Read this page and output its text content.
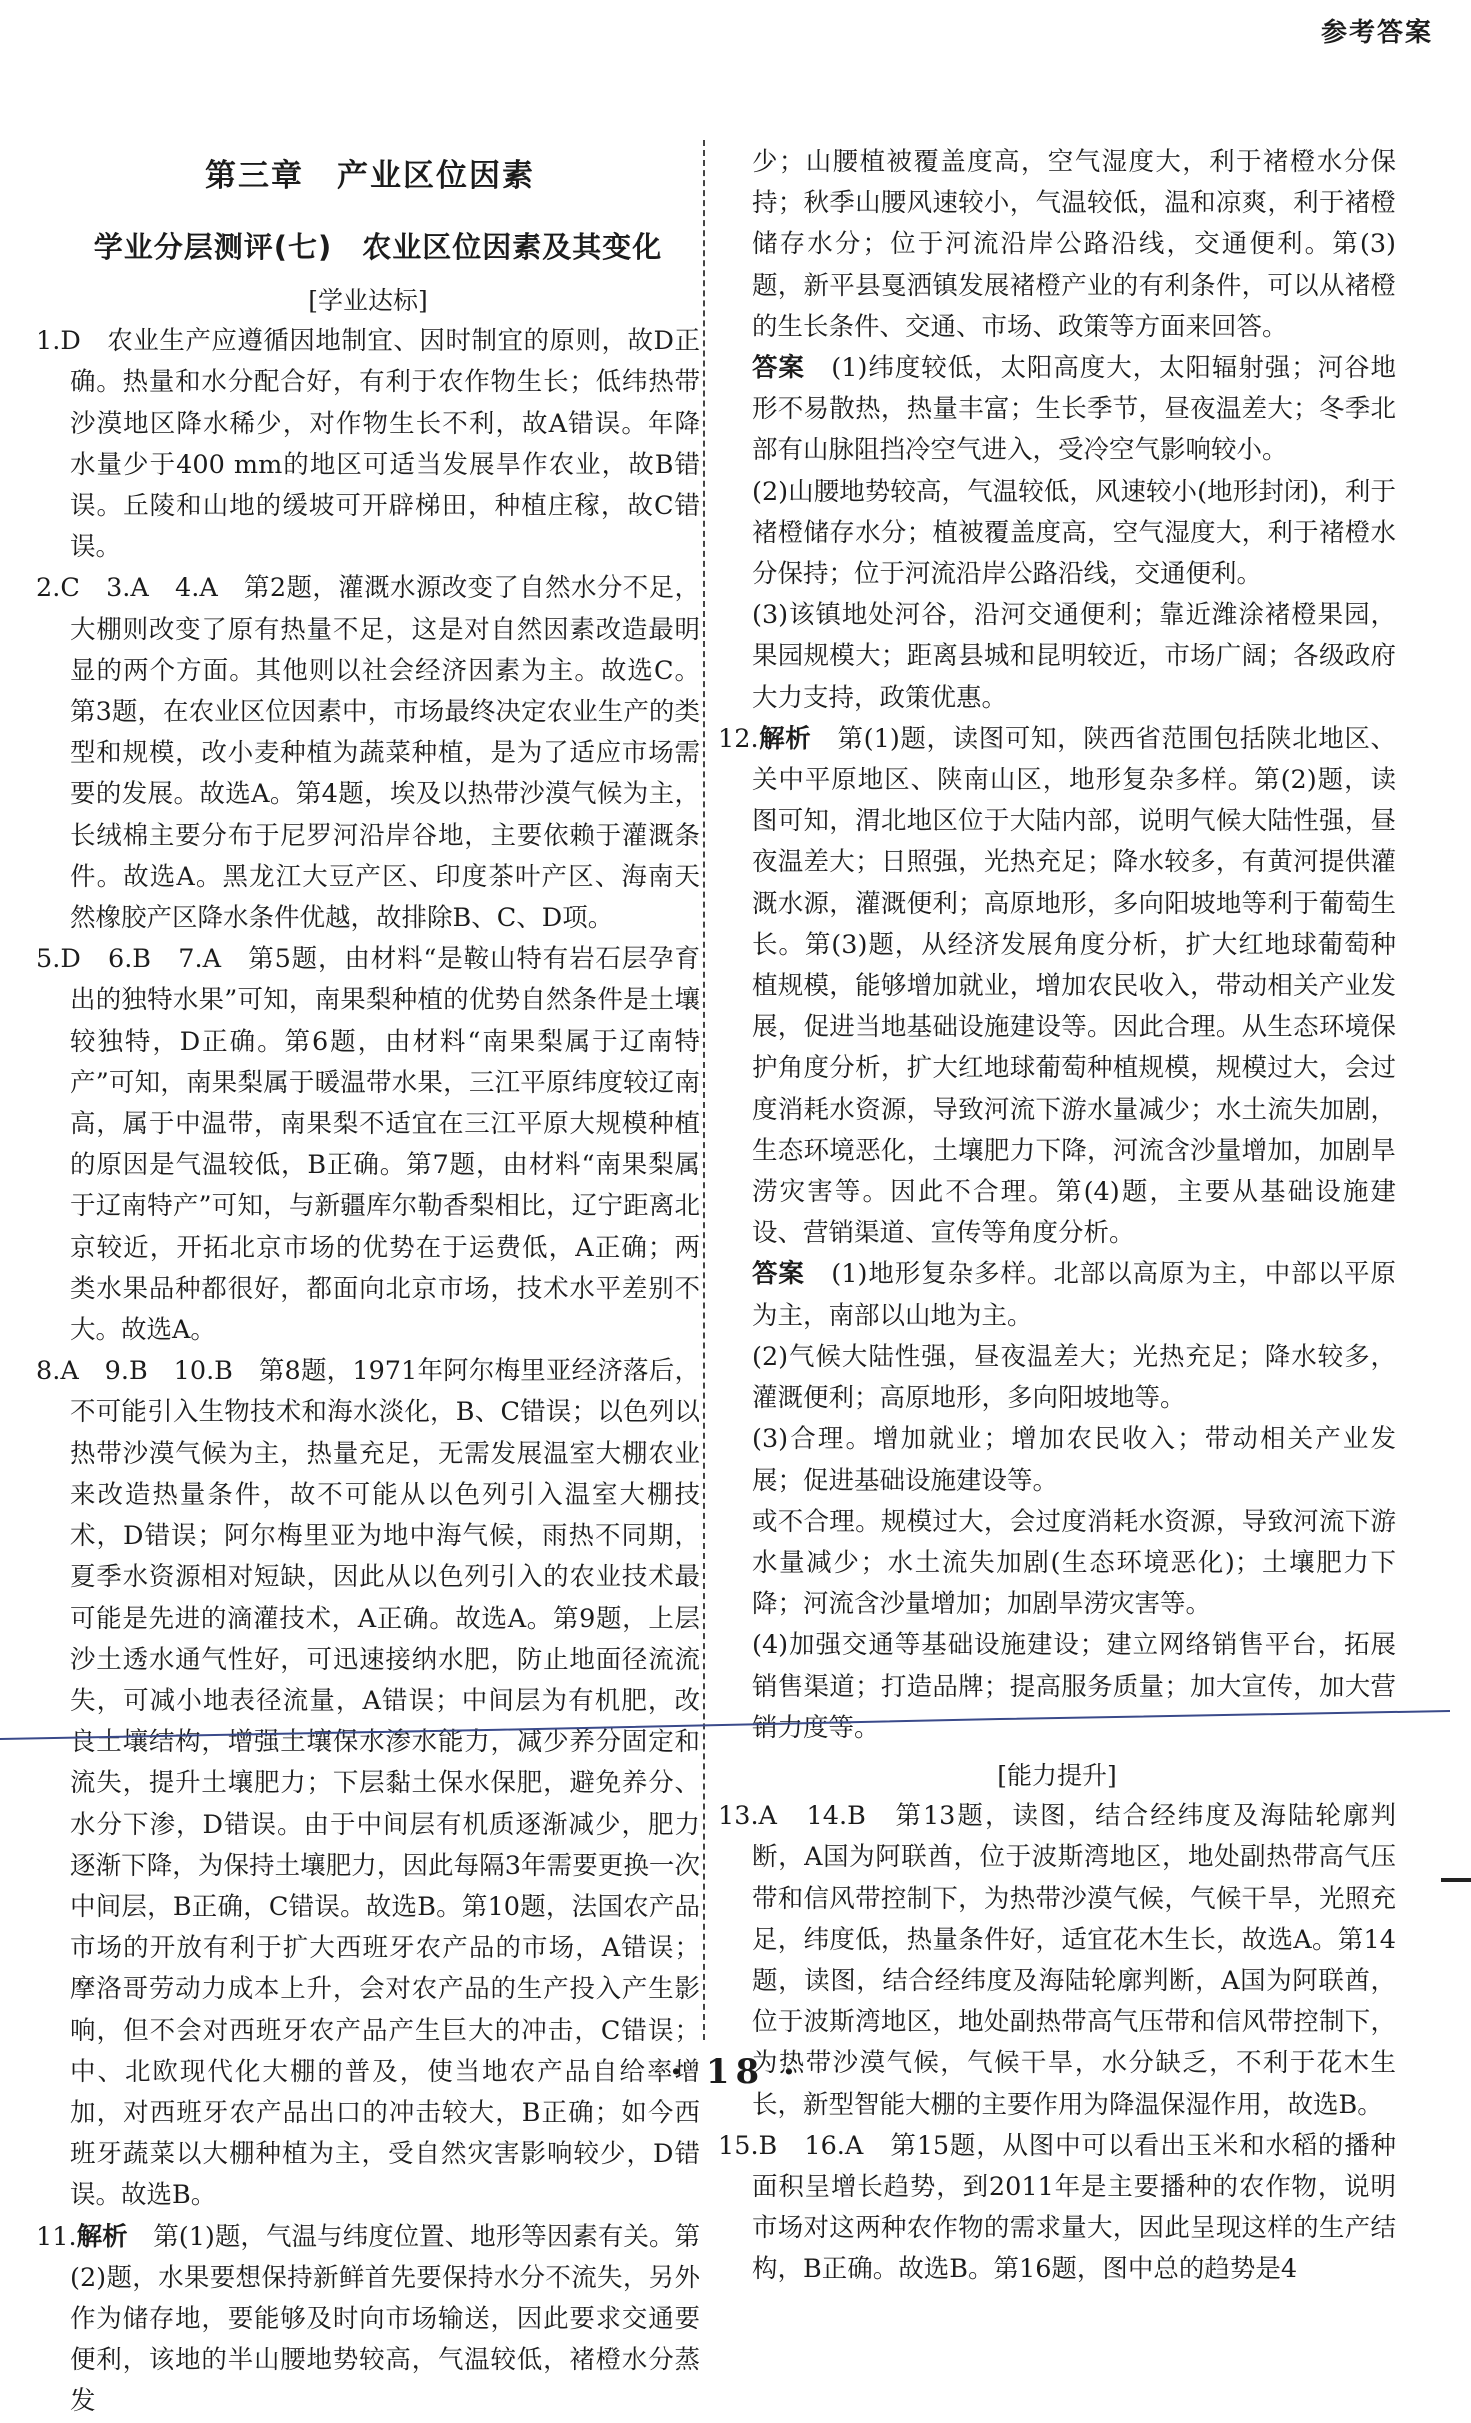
参考答案
第三章　产业区位因素
学业分层测评(七)　农业区位因素及其变化

[学业达标]

1.D　农业生产应遵循因地制宜、因时制宜的原则，故D正确。热量和水分配合好，有利于农作物生长；低纬热带沙漠地区降水稀少，对作物生长不利，故A错误。年降水量少于400 mm的地区可适当发展旱作农业，故B错误。丘陵和山地的缓坡可开辟梯田，种植庄稼，故C错误。

2.C　3.A　4.A　第2题，灌溉水源改变了自然水分不足，大棚则改变了原有热量不足，这是对自然因素改造最明显的两个方面。其他则以社会经济因素为主。故选C。第3题，在农业区位因素中，市场最终决定农业生产的类型和规模，改小麦种植为蔬菜种植，是为了适应市场需要的发展。故选A。第4题，埃及以热带沙漠气候为主，长绒棉主要分布于尼罗河沿岸谷地，主要依赖于灌溉条件。故选A。黑龙江大豆产区、印度茶叶产区、海南天然橡胶产区降水条件优越，故排除B、C、D项。

5.D　6.B　7.A　第5题，由材料“是鞍山特有岩石层孕育出的独特水果”可知，南果梨种植的优势自然条件是土壤较独特，D正确。第6题，由材料“南果梨属于辽南特产”可知，南果梨属于暖温带水果，三江平原纬度较辽南高，属于中温带，南果梨不适宜在三江平原大规模种植的原因是气温较低，B正确。第7题，由材料“南果梨属于辽南特产”可知，与新疆库尔勒香梨相比，辽宁距离北京较近，开拓北京市场的优势在于运费低，A正确；两类水果品种都很好，都面向北京市场，技术水平差别不大。故选A。

8.A　9.B　10.B　第8题，1971年阿尔梅里亚经济落后，不可能引入生物技术和海水淡化，B、C错误；以色列以热带沙漠气候为主，热量充足，无需发展温室大棚农业来改造热量条件，故不可能从以色列引入温室大棚技术，D错误；阿尔梅里亚为地中海气候，雨热不同期，夏季水资源相对短缺，因此从以色列引入的农业技术最可能是先进的滴灌技术，A正确。故选A。第9题，上层沙土透水通气性好，可迅速接纳水肥，防止地面径流流失，可减小地表径流量，A错误；中间层为有机肥，改良土壤结构，增强土壤保水渗水能力，减少养分固定和流失，提升土壤肥力；下层黏土保水保肥，避免养分、水分下渗，D错误。由于中间层有机质逐渐减少，肥力逐渐下降，为保持土壤肥力，因此每隔3年需要更换一次中间层，B正确，C错误。故选B。第10题，法国农产品市场的开放有利于扩大西班牙农产品的市场，A错误；摩洛哥劳动力成本上升，会对农产品的生产投入产生影响，但不会对西班牙农产品产生巨大的冲击，C错误；中、北欧现代化大棚的普及，使当地农产品自给率增加，对西班牙农产品出口的冲击较大，B正确；如今西班牙蔬菜以大棚种植为主，受自然灾害影响较少，D错误。故选B。

11.解析　 第(1)题，气温与纬度位置、地形等因素有关。第(2)题，水果要想保持新鲜首先要保持水分不流失，另外作为储存地，要能够及时向市场输送，因此要求交通要便利，该地的半山腰地势较高，气温较低，褚橙水分蒸发

少；山腰植被覆盖度高，空气湿度大，利于褚橙水分保持；秋季山腰风速较小，气温较低，温和凉爽，利于褚橙储存水分；位于河流沿岸公路沿线，交通便利。第(3)题，新平县戛洒镇发展褚橙产业的有利条件，可以从褚橙的生长条件、交通、市场、政策等方面来回答。

答案　 (1)纬度较低，太阳高度大，太阳辐射强；河谷地形不易散热，热量丰富；生长季节，昼夜温差大；冬季北部有山脉阻挡冷空气进入，受冷空气影响较小。

(2)山腰地势较高，气温较低，风速较小(地形封闭)，利于褚橙储存水分；植被覆盖度高，空气湿度大，利于褚橙水分保持；位于河流沿岸公路沿线，交通便利。

(3)该镇地处河谷，沿河交通便利；靠近潍涂褚橙果园，果园规模大；距离县城和昆明较近，市场广阔；各级政府大力支持，政策优惠。

12.解析　 第(1)题，读图可知，陕西省范围包括陕北地区、关中平原地区、陕南山区，地形复杂多样。第(2)题，读图可知，渭北地区位于大陆内部，说明气候大陆性强，昼夜温差大；日照强，光热充足；降水较多，有黄河提供灌溉水源，灌溉便利；高原地形，多向阳坡地等利于葡萄生长。第(3)题，从经济发展角度分析，扩大红地球葡萄种植规模，能够增加就业，增加农民收入，带动相关产业发展，促进当地基础设施建设等。因此合理。从生态环境保护角度分析，扩大红地球葡萄种植规模，规模过大，会过度消耗水资源，导致河流下游水量减少；水土流失加剧，生态环境恶化，土壤肥力下降，河流含沙量增加，加剧旱涝灾害等。因此不合理。第(4)题，主要从基础设施建设、营销渠道、宣传等角度分析。

答案　 (1)地形复杂多样。北部以高原为主，中部以平原为主，南部以山地为主。

(2)气候大陆性强，昼夜温差大；光热充足；降水较多，灌溉便利；高原地形，多向阳坡地等。

(3)合理。增加就业；增加农民收入；带动相关产业发展；促进基础设施建设等。

或不合理。规模过大，会过度消耗水资源，导致河流下游水量减少；水土流失加剧(生态环境恶化)；土壤肥力下降；河流含沙量增加；加剧旱涝灾害等。

(4)加强交通等基础设施建设；建立网络销售平台，拓展销售渠道；打造品牌；提高服务质量；加大宣传，加大营销力度等。

[能力提升]

13.A　14.B　第13题，读图，结合经纬度及海陆轮廓判断，A国为阿联酋，位于波斯湾地区，地处副热带高气压带和信风带控制下，为热带沙漠气候，气候干旱，光照充足，纬度低，热量条件好，适宜花木生长，故选A。第14题，读图，结合经纬度及海陆轮廓判断，A国为阿联酋，位于波斯湾地区，地处副热带高气压带和信风带控制下，为热带沙漠气候，气候干旱，水分缺乏，不利于花木生长，新型智能大棚的主要作用为降温保湿作用，故选B。

15.B　16.A　第15题，从图中可以看出玉米和水稻的播种面积呈增长趋势，到2011年是主要播种的农作物，说明市场对这两种农作物的需求量大，因此呈现这样的生产结构，B正确。故选B。第16题，图中总的趋势是4

· 18 ·
